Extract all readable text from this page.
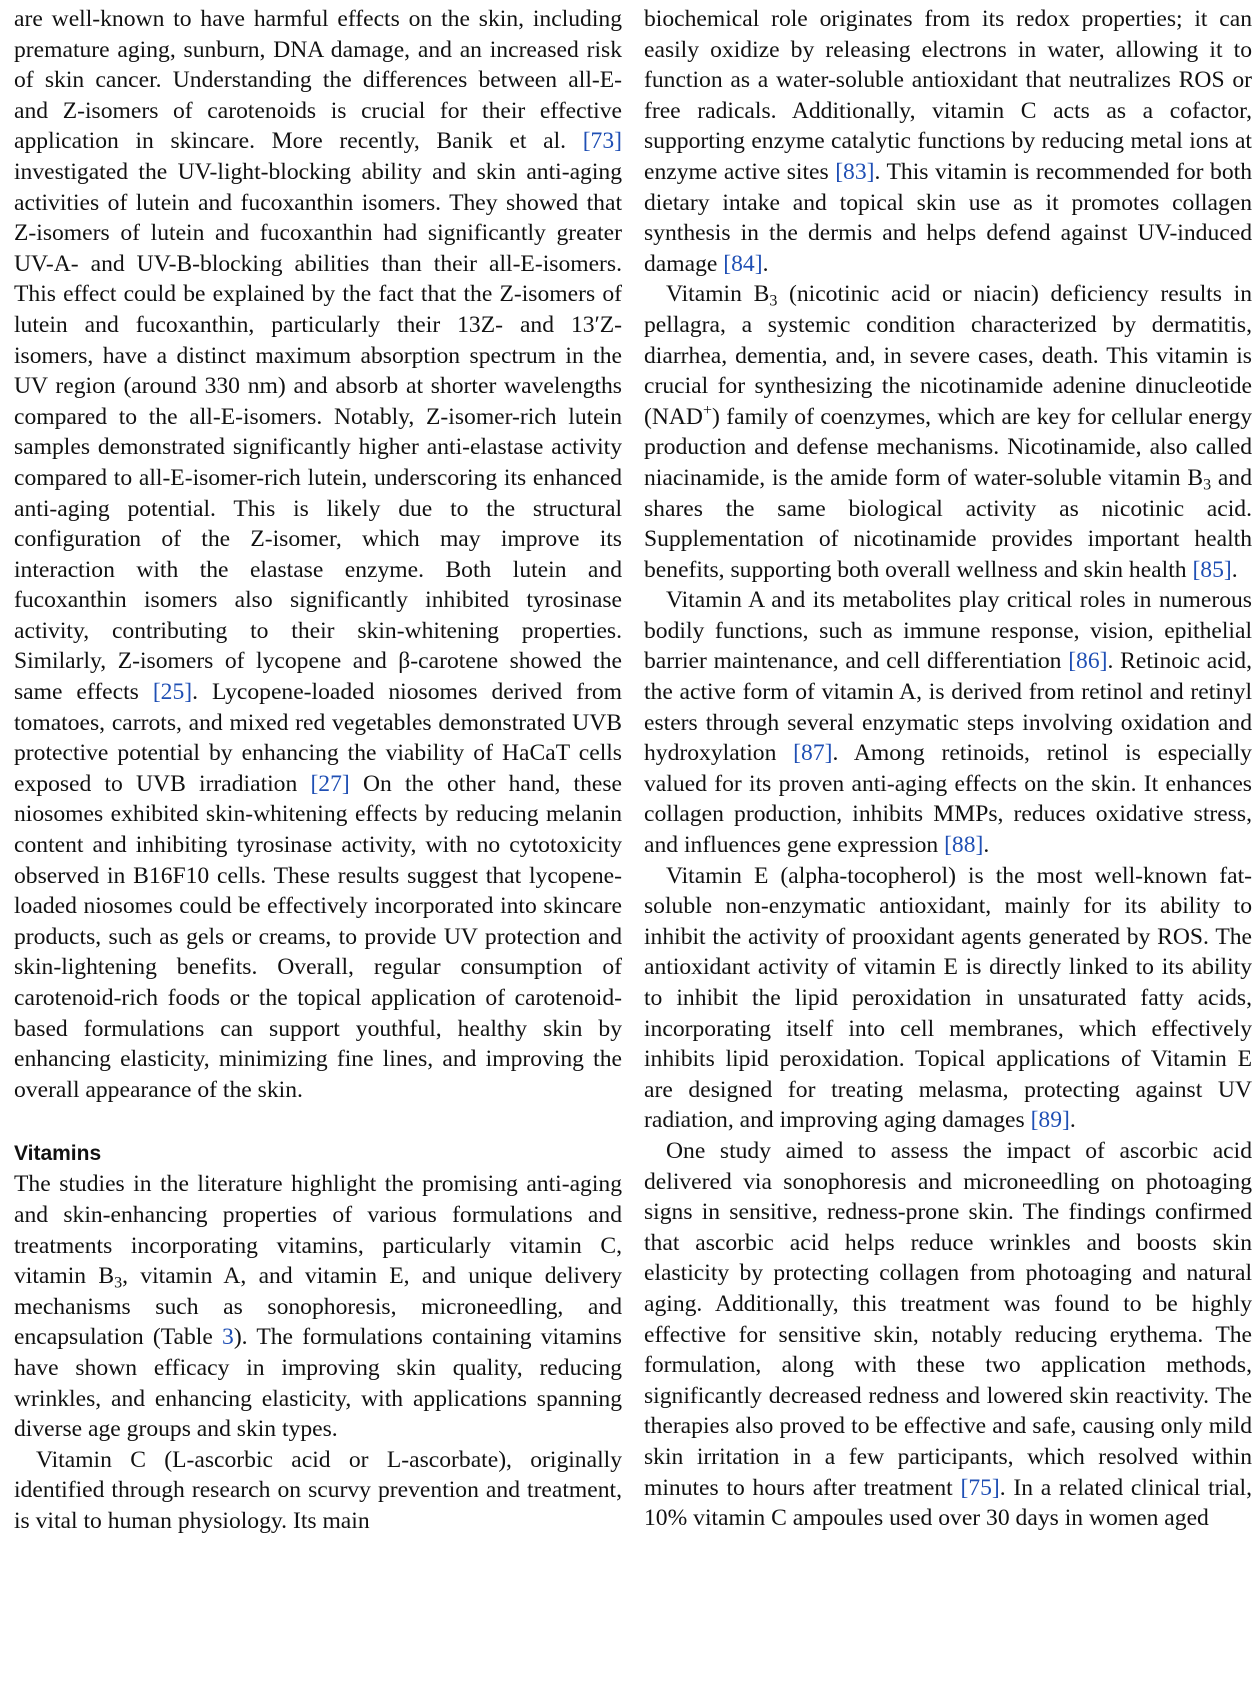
are well-known to have harmful effects on the skin, including premature aging, sunburn, DNA damage, and an increased risk of skin cancer. Understanding the differences between all-E- and Z-isomers of carotenoids is crucial for their effective application in skincare. More recently, Banik et al. [73] investigated the UV-light-blocking ability and skin anti-aging activities of lutein and fucoxanthin isomers. They showed that Z-isomers of lutein and fucoxanthin had significantly greater UV-A- and UV-B-blocking abilities than their all-E-isomers. This effect could be explained by the fact that the Z-isomers of lutein and fucoxanthin, particularly their 13Z- and 13′Z-isomers, have a distinct maximum absorption spectrum in the UV region (around 330 nm) and absorb at shorter wavelengths compared to the all-E-isomers. Notably, Z-isomer-rich lutein samples demonstrated significantly higher anti-elastase activity compared to all-E-isomer-rich lutein, underscoring its enhanced anti-aging potential. This is likely due to the structural configuration of the Z-isomer, which may improve its interaction with the elastase enzyme. Both lutein and fucoxanthin isomers also significantly inhibited tyrosinase activity, contributing to their skin-whitening properties. Similarly, Z-isomers of lycopene and β-carotene showed the same effects [25]. Lycopene-loaded niosomes derived from tomatoes, carrots, and mixed red vegetables demonstrated UVB protective potential by enhancing the viability of HaCaT cells exposed to UVB irradiation [27] On the other hand, these niosomes exhibited skin-whitening effects by reducing melanin content and inhibiting tyrosinase activity, with no cytotoxicity observed in B16F10 cells. These results suggest that lycopene-loaded niosomes could be effectively incorporated into skincare products, such as gels or creams, to provide UV protection and skin-lightening benefits. Overall, regular consumption of carotenoid-rich foods or the topical application of carotenoid-based formulations can support youthful, healthy skin by enhancing elasticity, minimizing fine lines, and improving the overall appearance of the skin.

Vitamins

The studies in the literature highlight the promising anti-aging and skin-enhancing properties of various formulations and treatments incorporating vitamins, particularly vitamin C, vitamin $B_3$, vitamin A, and vitamin E, and unique delivery mechanisms such as sonophoresis, microneedling, and encapsulation (Table 3). The formulations containing vitamins have shown efficacy in improving skin quality, reducing wrinkles, and enhancing elasticity, with applications spanning diverse age groups and skin types.

Vitamin C (L-ascorbic acid or L-ascorbate), originally identified through research on scurvy prevention and treatment, is vital to human physiology. Its main

biochemical role originates from its redox properties; it can easily oxidize by releasing electrons in water, allowing it to function as a water-soluble antioxidant that neutralizes ROS or free radicals. Additionally, vitamin C acts as a cofactor, supporting enzyme catalytic functions by reducing metal ions at enzyme active sites [83]. This vitamin is recommended for both dietary intake and topical skin use as it promotes collagen synthesis in the dermis and helps defend against UV-induced damage [84].

Vitamin $B_3$ (nicotinic acid or niacin) deficiency results in pellagra, a systemic condition characterized by dermatitis, diarrhea, dementia, and, in severe cases, death. This vitamin is crucial for synthesizing the nicotinamide adenine dinucleotide (NAD+) family of coenzymes, which are key for cellular energy production and defense mechanisms. Nicotinamide, also called niacinamide, is the amide form of water-soluble vitamin $B_3$ and shares the same biological activity as nicotinic acid. Supplementation of nicotinamide provides important health benefits, supporting both overall wellness and skin health [85].

Vitamin A and its metabolites play critical roles in numerous bodily functions, such as immune response, vision, epithelial barrier maintenance, and cell differentiation [86]. Retinoic acid, the active form of vitamin A, is derived from retinol and retinyl esters through several enzymatic steps involving oxidation and hydroxylation [87]. Among retinoids, retinol is especially valued for its proven anti-aging effects on the skin. It enhances collagen production, inhibits MMPs, reduces oxidative stress, and influences gene expression [88].

Vitamin E (alpha-tocopherol) is the most well-known fat-soluble non-enzymatic antioxidant, mainly for its ability to inhibit the activity of prooxidant agents generated by ROS. The antioxidant activity of vitamin E is directly linked to its ability to inhibit the lipid peroxidation in unsaturated fatty acids, incorporating itself into cell membranes, which effectively inhibits lipid peroxidation. Topical applications of Vitamin E are designed for treating melasma, protecting against UV radiation, and improving aging damages [89].

One study aimed to assess the impact of ascorbic acid delivered via sonophoresis and microneedling on photoaging signs in sensitive, redness-prone skin. The findings confirmed that ascorbic acid helps reduce wrinkles and boosts skin elasticity by protecting collagen from photoaging and natural aging. Additionally, this treatment was found to be highly effective for sensitive skin, notably reducing erythema. The formulation, along with these two application methods, significantly decreased redness and lowered skin reactivity. The therapies also proved to be effective and safe, causing only mild skin irritation in a few participants, which resolved within minutes to hours after treatment [75]. In a related clinical trial, 10% vitamin C ampoules used over 30 days in women aged
